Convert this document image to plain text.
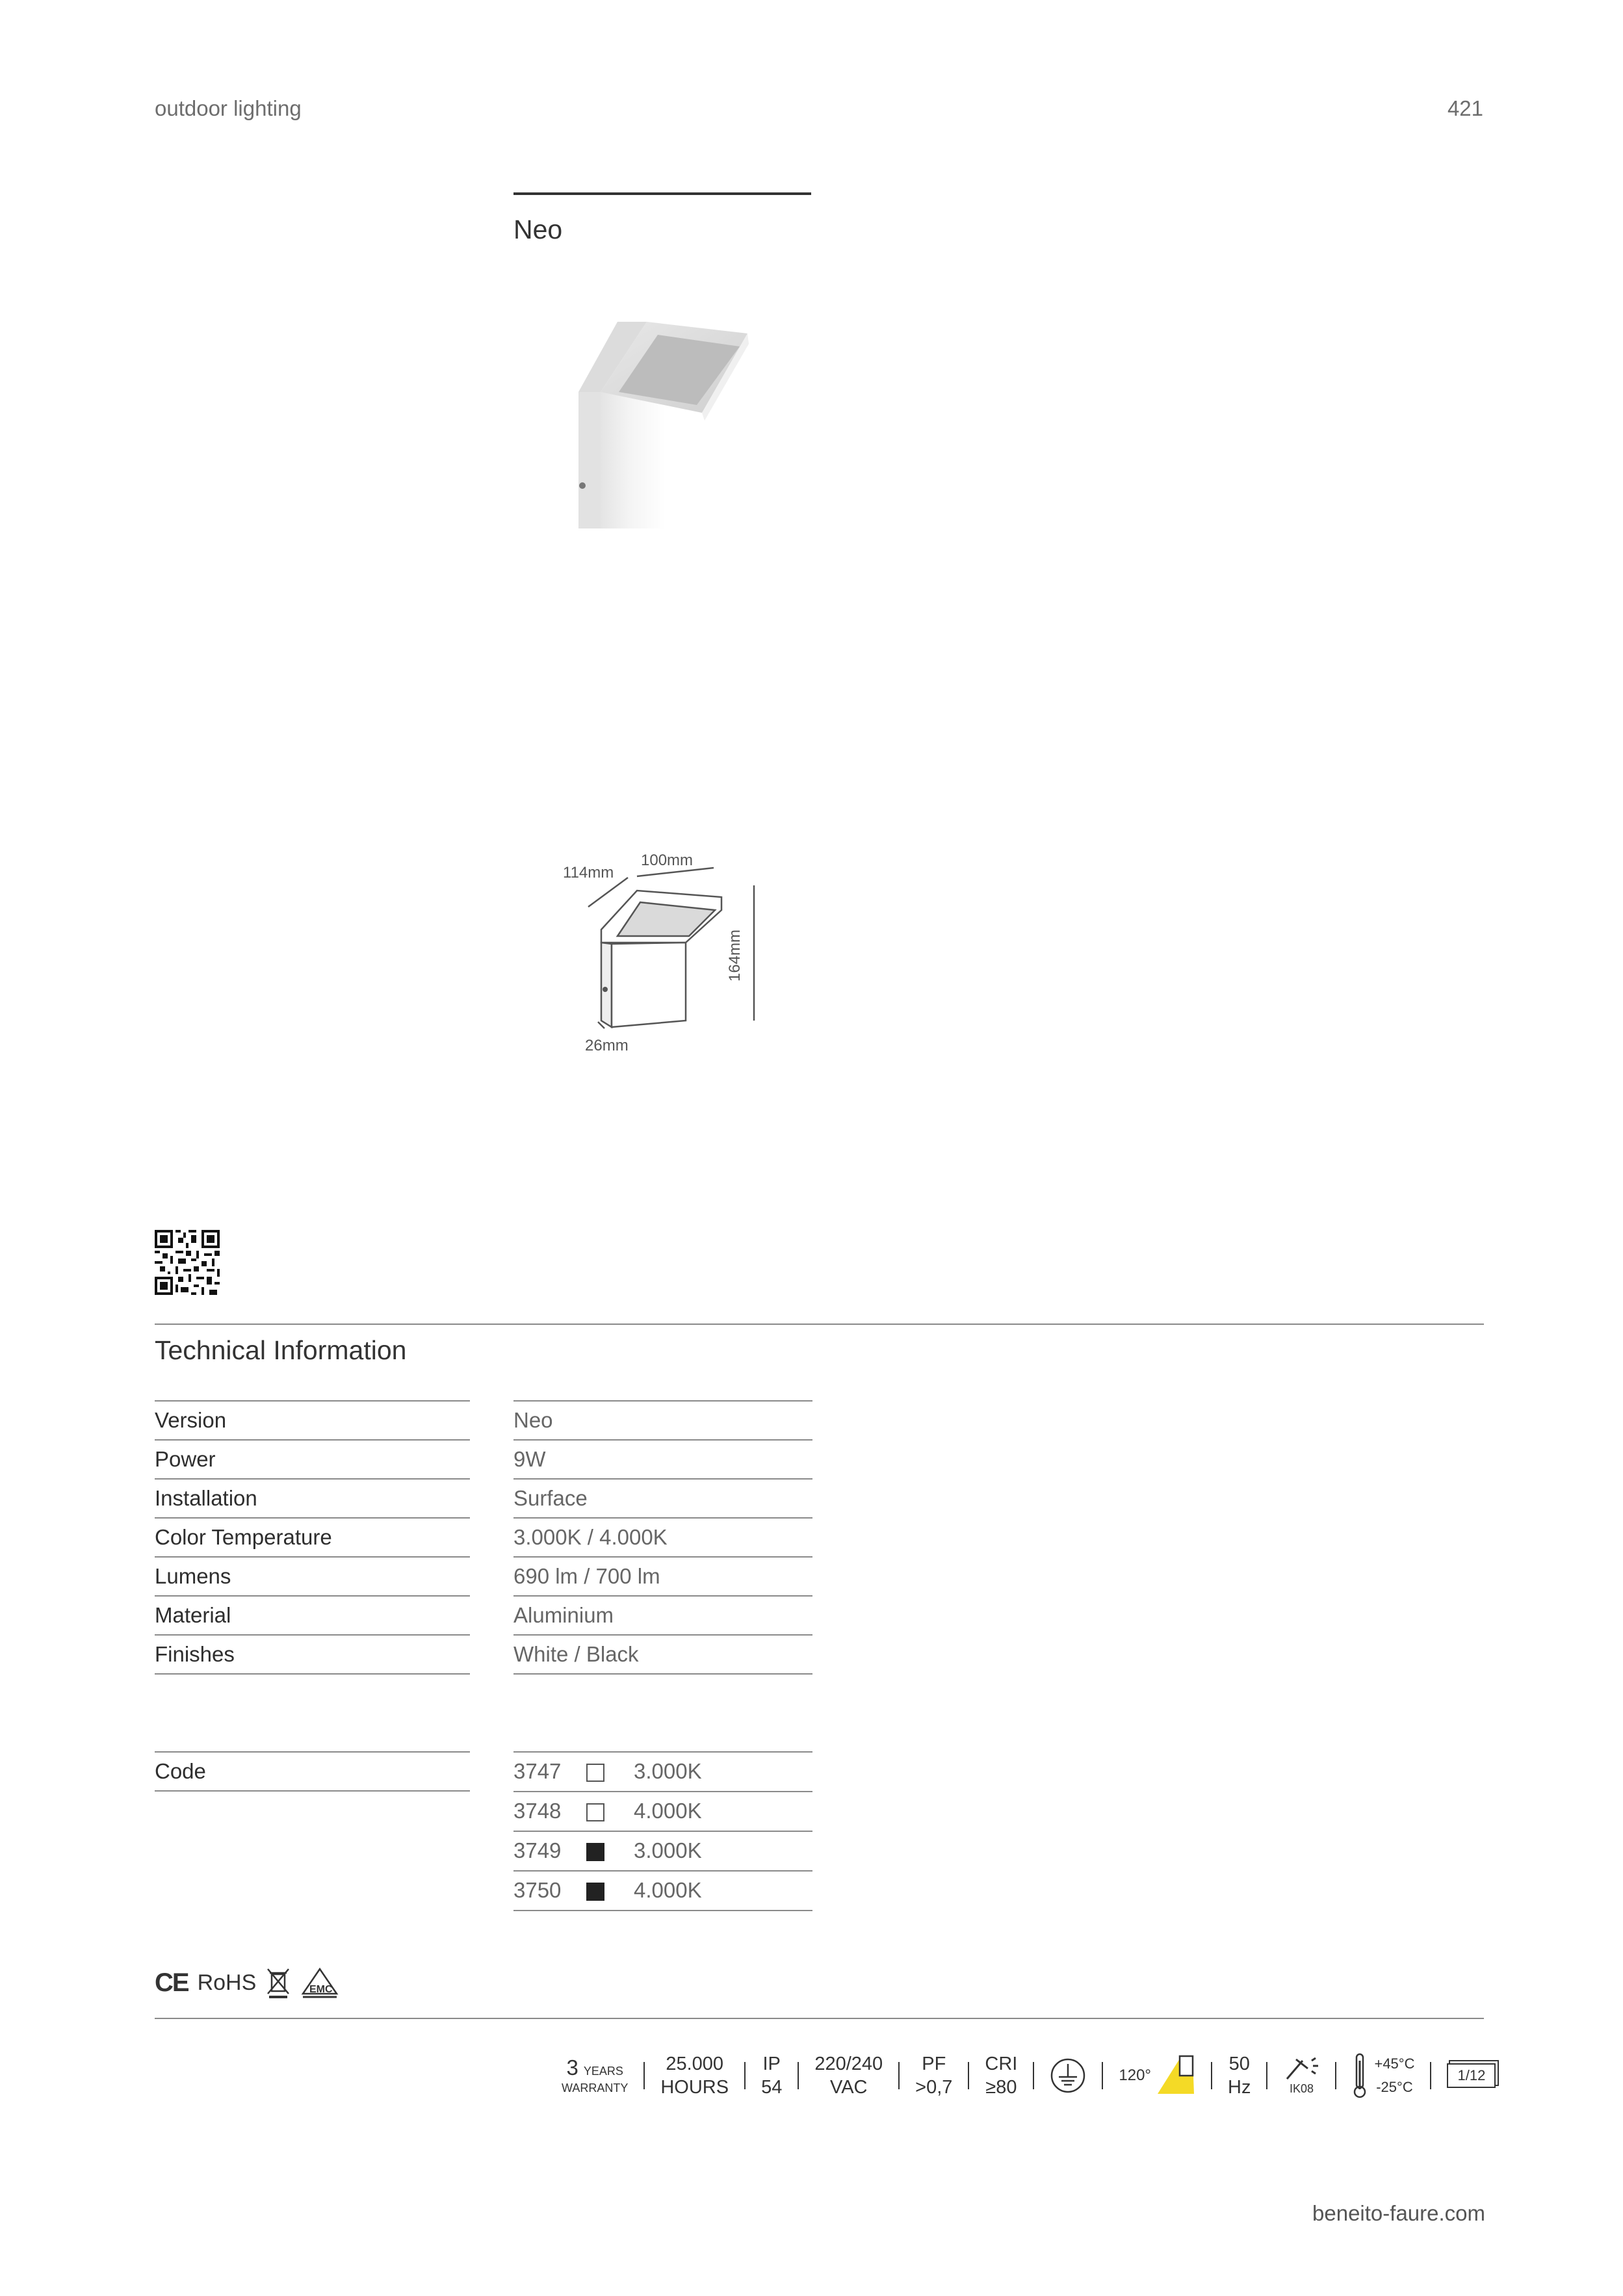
outdoor lighting	421
Neo
114mm
100mm
164mm
26mm
Technical Information
Version	Neo
Power	9W
Installation	Surface
Color Temperature	3.000K / 4.000K
Lumens	690 lm / 700 lm
Material	Aluminium
Finishes	White / Black
Code	3747	3.000K
3748	4.000K
3749	3.000K
3750	4.000K
CE RoHS	EMC
3 YEARS
WARRANTY
25.000
HOURS
IP
54
220/240
VAC
PF
>0,7
CRI
≥80
120°
50
Hz	IK08
+45°C
-25°C
1/12
beneito-faure.com
